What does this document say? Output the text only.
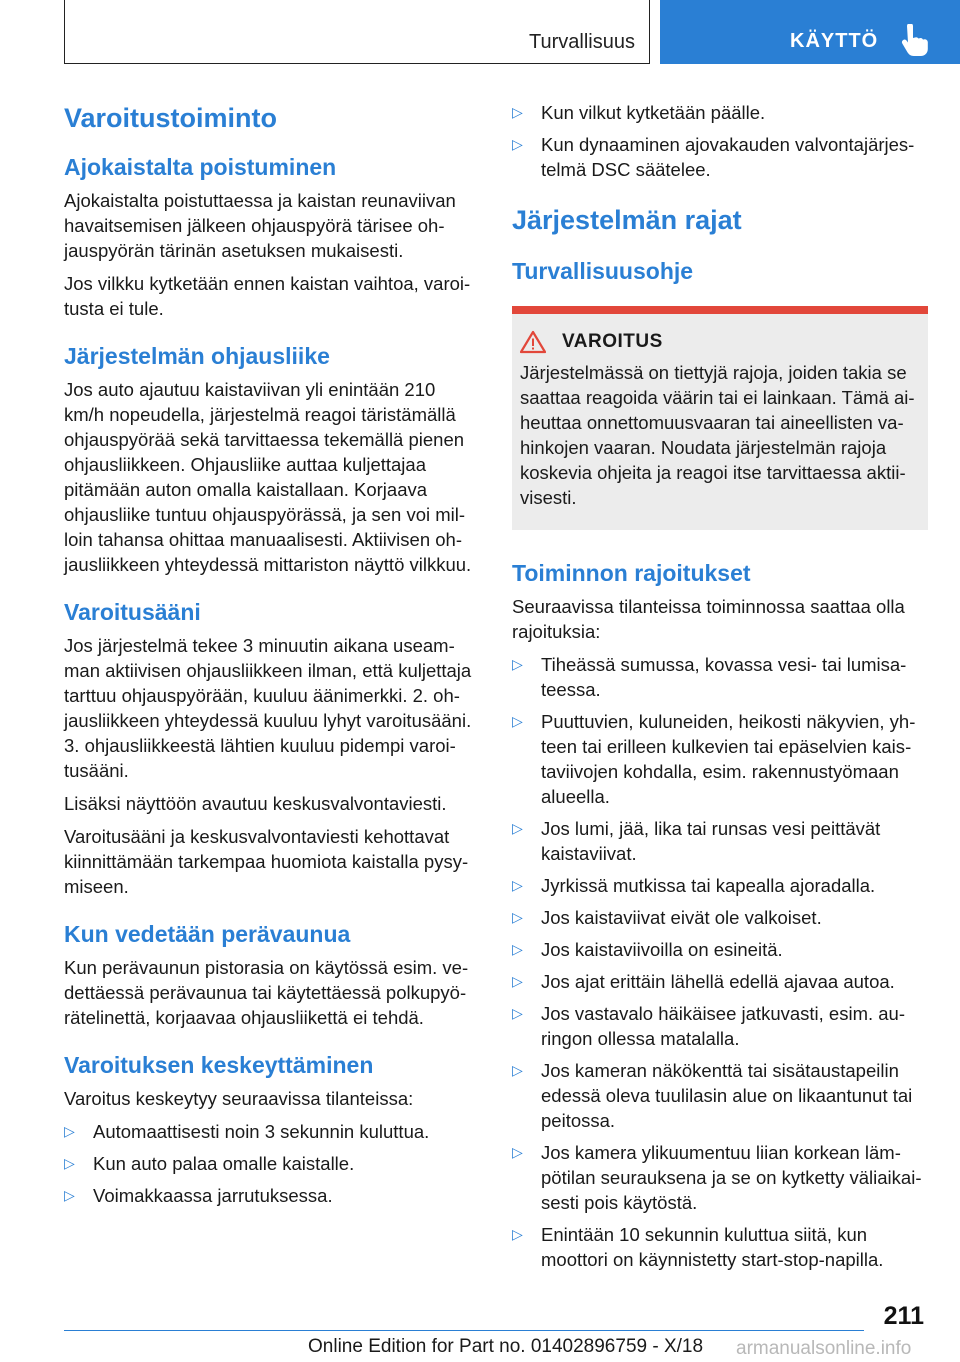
Turvallisuus	KÄYTTÖ
Varoitustoiminto
Ajokaistalta poistuminen

Ajokaistalta poistuttaessa ja kaistan reunaviivan havaitsemisen jälkeen ohjauspyörä tärisee ohjauspyörän tärinän asetuksen mukaisesti.

Jos vilkku kytketään ennen kaistan vaihtoa, varoitusta ei tule.

Järjestelmän ohjausliike

Jos auto ajautuu kaistaviivan yli enintään 210 km/h nopeudella, järjestelmä reagoi täristämällä ohjauspyörää sekä tarvittaessa tekemällä pienen ohjausliikkeen. Ohjausliike auttaa kuljettajaa pitämään auton omalla kaistallaan. Korjaava ohjausliike tuntuu ohjauspyörässä, ja sen voi milloin tahansa ohittaa manuaalisesti. Aktiivisen ohjausliikkeen yhteydessä mittariston näyttö vilkkuu.

Varoitusääni

Jos järjestelmä tekee 3 minuutin aikana useamman aktiivisen ohjausliikkeen ilman, että kuljettaja tarttuu ohjauspyörään, kuuluu äänimerkki. 2. ohjausliikkeen yhteydessä kuuluu lyhyt varoitusääni. 3. ohjausliikkeestä lähtien kuuluu pidempi varoitusääni.

Lisäksi näyttöön avautuu keskusvalvontaviesti.

Varoitusääni ja keskusvalvontaviesti kehottavat kiinnittämään tarkempaa huomiota kaistalla pysymiseen.

Kun vedetään perävaunua

Kun perävaunun pistorasia on käytössä esim. vedettäessä perävaunua tai käytettäessä polkupyörätelinettä, korjaavaa ohjausliikettä ei tehdä.

Varoituksen keskeyttäminen

Varoitus keskeytyy seuraavissa tilanteissa:

▷ Automaattisesti noin 3 sekunnin kuluttua.
▷ Kun auto palaa omalle kaistalle.
▷ Voimakkaassa jarrutuksessa.
▷ Kun vilkut kytketään päälle.
▷ Kun dynaaminen ajovakauden valvontajärjestelmä DSC säätelee.
Järjestelmän rajat
Turvallisuusohje
VAROITUS

Järjestelmässä on tiettyjä rajoja, joiden takia se saattaa reagoida väärin tai ei lainkaan. Tämä aiheuttaa onnettomuusvaaran tai aineellisten vahinkojen vaaran. Noudata järjestelmän rajoja koskevia ohjeita ja reagoi itse tarvittaessa aktiivisesti.

Toiminnon rajoitukset

Seuraavissa tilanteissa toiminnossa saattaa olla rajoituksia:

▷ Tiheässä sumussa, kovassa vesi- tai lumisateessa.
▷ Puuttuvien, kuluneiden, heikosti näkyvien, yhteen tai erilleen kulkevien tai epäselvien kaistaviivojen kohdalla, esim. rakennustyömaan alueella.
▷ Jos lumi, jää, lika tai runsas vesi peittävät kaistaviivat.
▷ Jyrkissä mutkissa tai kapealla ajoradalla.
▷ Jos kaistaviivat eivät ole valkoiset.
▷ Jos kaistaviivoilla on esineitä.
▷ Jos ajat erittäin lähellä edellä ajavaa autoa.
▷ Jos vastavalo häikäisee jatkuvasti, esim. auringon ollessa matalalla.
▷ Jos kameran näkökenttä tai sisätaustapeilin edessä oleva tuulilasin alue on likaantunut tai peitossa.
▷ Jos kamera ylikuumentuu liian korkean lämpötilan seurauksena ja se on kytketty väliaikaisesti pois käytöstä.
▷ Enintään 10 sekunnin kuluttua siitä, kun moottori on käynnistetty start-stop-napilla.
211
Online Edition for Part no. 01402896759 - X/18 armanualsonline.info
